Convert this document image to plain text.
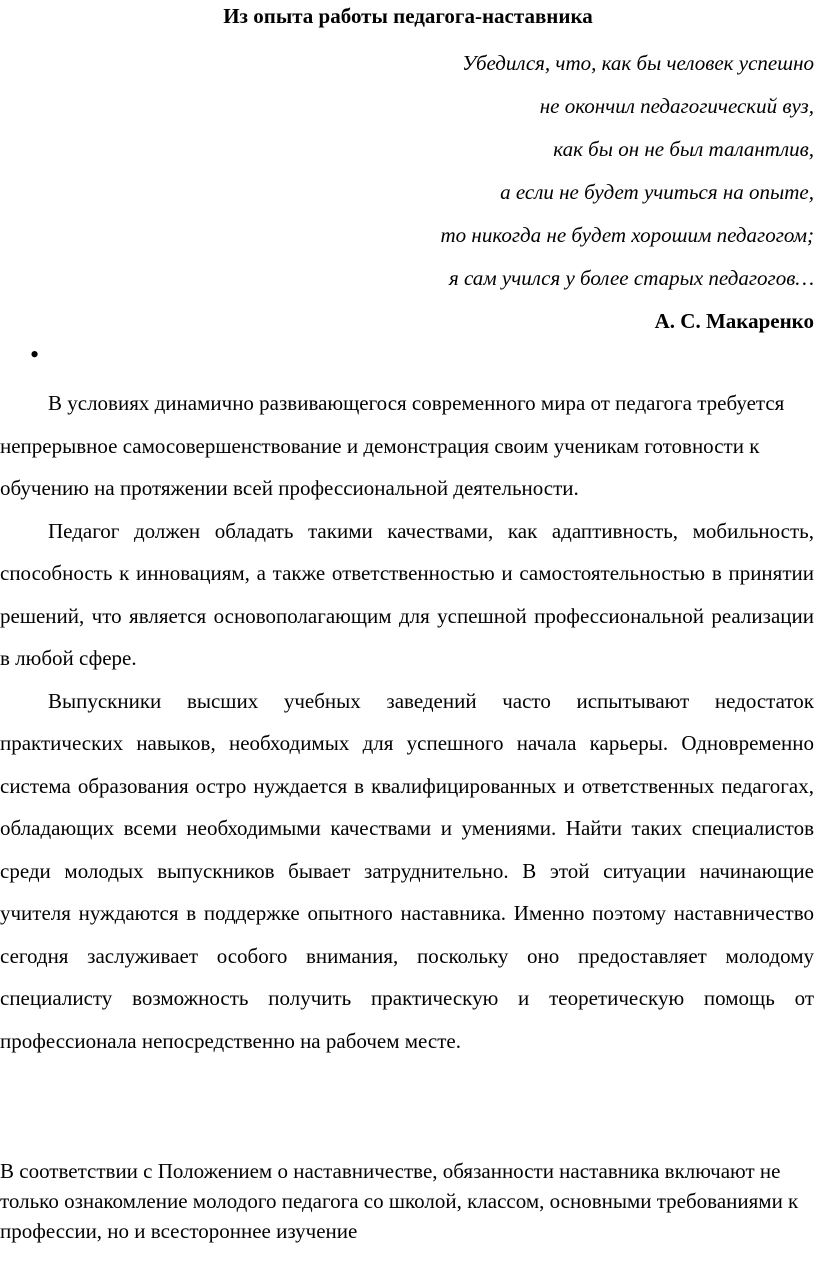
Из опыта работы педагога-наставника
Убедился, что, как бы человек успешно
не окончил педагогический вуз,
как бы он не был талантлив,
а если не будет учиться на опыте,
то никогда не будет хорошим педагогом;
я сам учился у более старых педагогов…
А. С. Макаренко
•

В условиях динамично развивающегося современного мира от педагога требуется непрерывное самосовершенствование и демонстрация своим ученикам готовности к обучению на протяжении всей профессиональной деятельности.

Педагог должен обладать такими качествами, как адаптивность, мобильность, способность к инновациям, а также ответственностью и самостоятельностью в принятии решений, что является основополагающим для успешной профессиональной реализации в любой сфере.

Выпускники высших учебных заведений часто испытывают недостаток практических навыков, необходимых для успешного начала карьеры. Одновременно система образования остро нуждается в квалифицированных и ответственных педагогах, обладающих всеми необходимыми качествами и умениями. Найти таких специалистов среди молодых выпускников бывает затруднительно. В этой ситуации начинающие учителя нуждаются в поддержке опытного наставника. Именно поэтому наставничество сегодня заслуживает особого внимания, поскольку оно предоставляет молодому специалисту возможность получить практическую и теоретическую помощь от профессионала непосредственно на рабочем месте.

В соответствии с Положением о наставничестве, обязанности наставника включают не только ознакомление молодого педагога со школой, классом, основными требованиями к профессии, но и всестороннее изучение
